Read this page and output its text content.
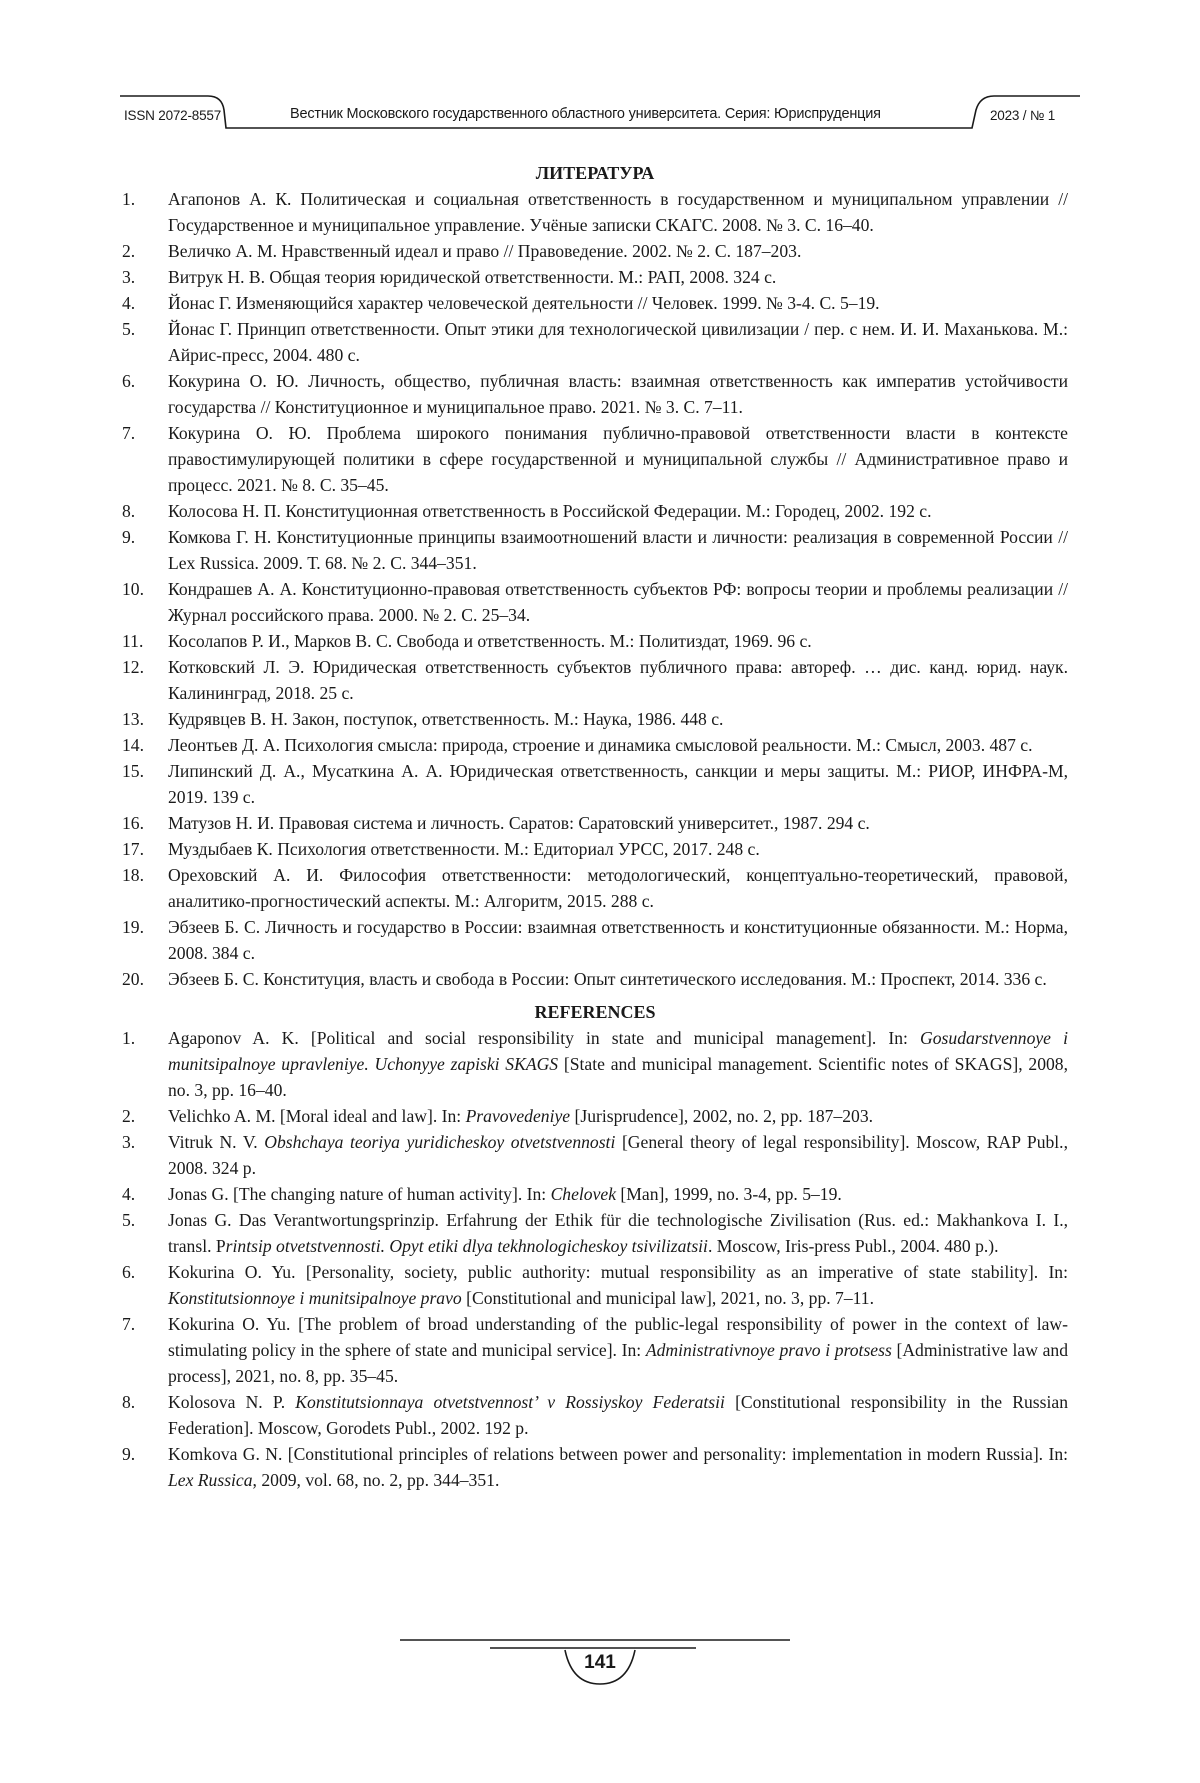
ISSN 2072-8557	Вестник Московского государственного областного университета. Серия: Юриспруденция	2023 / № 1
ЛИТЕРАТУРА
1. Агапонов А. К. Политическая и социальная ответственность в государственном и муниципальном управлении // Государственное и муниципальное управление. Учёные записки СКАГС. 2008. № 3. С. 16–40.
2. Величко А. М. Нравственный идеал и право // Правоведение. 2002. № 2. С. 187–203.
3. Витрук Н. В. Общая теория юридической ответственности. М.: РАП, 2008. 324 с.
4. Йонас Г. Изменяющийся характер человеческой деятельности // Человек. 1999. № 3-4. С. 5–19.
5. Йонас Г. Принцип ответственности. Опыт этики для технологической цивилизации / пер. с нем. И. И. Маханькова. М.: Айрис-пресс, 2004. 480 с.
6. Кокурина О. Ю. Личность, общество, публичная власть: взаимная ответственность как императив устойчивости государства // Конституционное и муниципальное право. 2021. № 3. С. 7–11.
7. Кокурина О. Ю. Проблема широкого понимания публично-правовой ответственности власти в контексте правостимулирующей политики в сфере государственной и муниципальной службы // Административное право и процесс. 2021. № 8. С. 35–45.
8. Колосова Н. П. Конституционная ответственность в Российской Федерации. М.: Городец, 2002. 192 с.
9. Комкова Г. Н. Конституционные принципы взаимоотношений власти и личности: реализация в современной России // Lex Russica. 2009. Т. 68. № 2. С. 344–351.
10. Кондрашев А. А. Конституционно-правовая ответственность субъектов РФ: вопросы теории и проблемы реализации // Журнал российского права. 2000. № 2. С. 25–34.
11. Косолапов Р. И., Марков В. С. Свобода и ответственность. М.: Политиздат, 1969. 96 с.
12. Котковский Л. Э. Юридическая ответственность субъектов публичного права: автореф. … дис. канд. юрид. наук. Калининград, 2018. 25 с.
13. Кудрявцев В. Н. Закон, поступок, ответственность. М.: Наука, 1986. 448 с.
14. Леонтьев Д. А. Психология смысла: природа, строение и динамика смысловой реальности. М.: Смысл, 2003. 487 с.
15. Липинский Д. А., Мусаткина А. А. Юридическая ответственность, санкции и меры защиты. М.: РИОР, ИНФРА-М, 2019. 139 с.
16. Матузов Н. И. Правовая система и личность. Саратов: Саратовский университет., 1987. 294 с.
17. Муздыбаев К. Психология ответственности. М.: Едиториал УРСС, 2017. 248 с.
18. Ореховский А. И. Философия ответственности: методологический, концептуально-теоретический, правовой, аналитико-прогностический аспекты. М.: Алгоритм, 2015. 288 с.
19. Эбзеев Б. С. Личность и государство в России: взаимная ответственность и конституционные обязанности. М.: Норма, 2008. 384 с.
20. Эбзеев Б. С. Конституция, власть и свобода в России: Опыт синтетического исследования. М.: Проспект, 2014. 336 с.
REFERENCES
1. Agaponov A. K. [Political and social responsibility in state and municipal management]. In: Gosudarstvennoye i munitsipalnoye upravleniye. Uchonyye zapiski SKAGS [State and municipal management. Scientific notes of SKAGS], 2008, no. 3, pp. 16–40.
2. Velichko A. M. [Moral ideal and law]. In: Pravovedeniye [Jurisprudence], 2002, no. 2, pp. 187–203.
3. Vitruk N. V. Obshchaya teoriya yuridicheskoy otvetstvennosti [General theory of legal responsibility]. Moscow, RAP Publ., 2008. 324 p.
4. Jonas G. [The changing nature of human activity]. In: Chelovek [Man], 1999, no. 3-4, pp. 5–19.
5. Jonas G. Das Verantwortungsprinzip. Erfahrung der Ethik für die technologische Zivilisation (Rus. ed.: Makhankova I. I., transl. Printsip otvetstvennosti. Opyt etiki dlya tekhnologicheskoy tsivilizatsii. Moscow, Iris-press Publ., 2004. 480 p.).
6. Kokurina O. Yu. [Personality, society, public authority: mutual responsibility as an imperative of state stability]. In: Konstitutsionnoye i munitsipalnoye pravo [Constitutional and municipal law], 2021, no. 3, pp. 7–11.
7. Kokurina O. Yu. [The problem of broad understanding of the public-legal responsibility of power in the context of law-stimulating policy in the sphere of state and municipal service]. In: Administrativnoye pravo i protsess [Administrative law and process], 2021, no. 8, pp. 35–45.
8. Kolosova N. P. Konstitutsionnaya otvetstvennost’ v Rossiyskoy Federatsii [Constitutional responsibility in the Russian Federation]. Moscow, Gorodets Publ., 2002. 192 p.
9. Komkova G. N. [Constitutional principles of relations between power and personality: implementation in modern Russia]. In: Lex Russica, 2009, vol. 68, no. 2, pp. 344–351.
141
